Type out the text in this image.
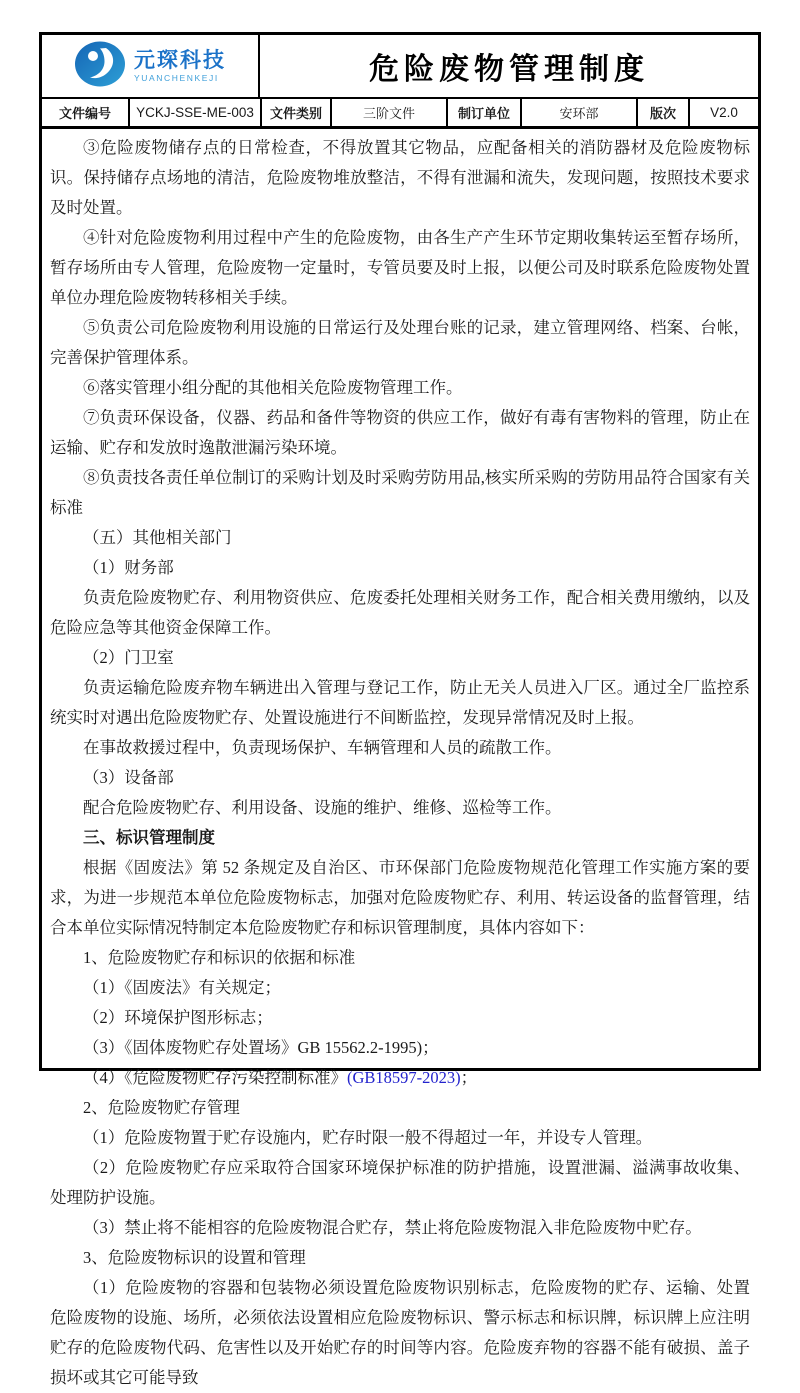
元琛科技
YUANCHENKEJI	危险废物管理制度
文件编号	YCKJ-SSE-ME-003	文件类别	三阶文件	制订单位	安环部	版次	V2.0

③危险废物储存点的日常检查，不得放置其它物品，应配备相关的消防器材及危险废物标识。保持储存点场地的清洁，危险废物堆放整洁，不得有泄漏和流失，发现问题，按照技术要求及时处置。

④针对危险废物利用过程中产生的危险废物，由各生产产生环节定期收集转运至暂存场所，暂存场所由专人管理，危险废物一定量时，专管员要及时上报，以便公司及时联系危险废物处置单位办理危险废物转移相关手续。

⑤负责公司危险废物利用设施的日常运行及处理台账的记录，建立管理网络、档案、台帐，完善保护管理体系。

⑥落实管理小组分配的其他相关危险废物管理工作。

⑦负责环保设备，仪器、药品和备件等物资的供应工作，做好有毒有害物料的管理，防止在运输、贮存和发放时逸散泄漏污染环境。

⑧负责技各责任单位制订的采购计划及时采购劳防用品,核实所采购的劳防用品符合国家有关标准

（五）其他相关部门

（1）财务部

负责危险废物贮存、利用物资供应、危废委托处理相关财务工作，配合相关费用缴纳，以及危险应急等其他资金保障工作。

（2）门卫室

负责运输危险废弃物车辆进出入管理与登记工作，防止无关人员进入厂区。通过全厂监控系统实时对遇出危险废物贮存、处置设施进行不间断监控，发现异常情况及时上报。

在事故救援过程中，负责现场保护、车辆管理和人员的疏散工作。

（3）设备部

配合危险废物贮存、利用设备、设施的维护、维修、巡检等工作。

三、标识管理制度

根据《固废法》第 52 条规定及自治区、市环保部门危险废物规范化管理工作实施方案的要求，为进一步规范本单位危险废物标志，加强对危险废物贮存、利用、转运设备的监督管理，结合本单位实际情况特制定本危险废物贮存和标识管理制度，具体内容如下：

1、危险废物贮存和标识的依据和标准

（1）《固废法》有关规定；

（2）环境保护图形标志；

（3）《固体废物贮存处置场》GB 15562.2-1995)；

（4）《危险废物贮存污染控制标准》(GB18597-2023)；

2、危险废物贮存管理

（1）危险废物置于贮存设施内，贮存时限一般不得超过一年，并设专人管理。

（2）危险废物贮存应采取符合国家环境保护标准的防护措施，设置泄漏、溢满事故收集、处理防护设施。

（3）禁止将不能相容的危险废物混合贮存，禁止将危险废物混入非危险废物中贮存。

3、危险废物标识的设置和管理

（1）危险废物的容器和包装物必须设置危险废物识别标志，危险废物的贮存、运输、处置危险废物的设施、场所，必须依法设置相应危险废物标识、警示标志和标识牌，标识牌上应注明贮存的危险废物代码、危害性以及开始贮存的时间等内容。危险废弃物的容器不能有破损、盖子损坏或其它可能导致
